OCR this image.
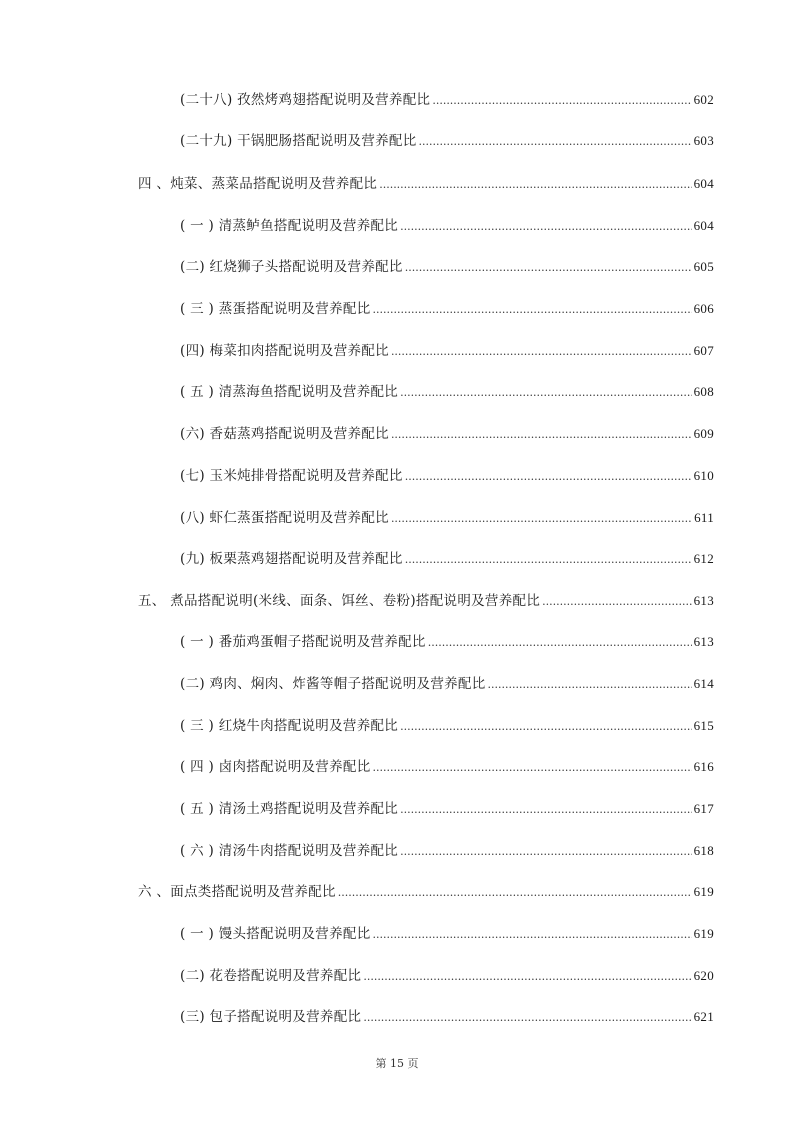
(二十八) 孜然烤鸡翅搭配说明及营养配比 .....	602
(二十九) 干锅肥肠搭配说明及营养配比 .....	603
四 、炖菜、蒸菜品搭配说明及营养配比 .....	604
( 一 ) 清蒸鲈鱼搭配说明及营养配比 .....	604
(二) 红烧狮子头搭配说明及营养配比 .....	605
( 三 ) 蒸蛋搭配说明及营养配比 .....	606
(四) 梅菜扣肉搭配说明及营养配比 .....	607
( 五 ) 清蒸海鱼搭配说明及营养配比 .....	608
(六) 香菇蒸鸡搭配说明及营养配比 .....	609
(七) 玉米炖排骨搭配说明及营养配比 .....	610
(八) 虾仁蒸蛋搭配说明及营养配比 .....	611
(九) 板栗蒸鸡翅搭配说明及营养配比 .....	612
五、 煮品搭配说明(米线、面条、饵丝、卷粉)搭配说明及营养配比 .....	613
( 一 ) 番茄鸡蛋帽子搭配说明及营养配比 .....	613
(二) 鸡肉、焖肉、炸酱等帽子搭配说明及营养配比 .....	614
( 三 ) 红烧牛肉搭配说明及营养配比 .....	615
( 四 ) 卤肉搭配说明及营养配比 .....	616
( 五 ) 清汤土鸡搭配说明及营养配比 .....	617
( 六 ) 清汤牛肉搭配说明及营养配比 .....	618
六 、面点类搭配说明及营养配比 .....	619
( 一 ) 馒头搭配说明及营养配比 .....	619
(二) 花卷搭配说明及营养配比 .....	620
(三) 包子搭配说明及营养配比 .....	621
第 15 页
